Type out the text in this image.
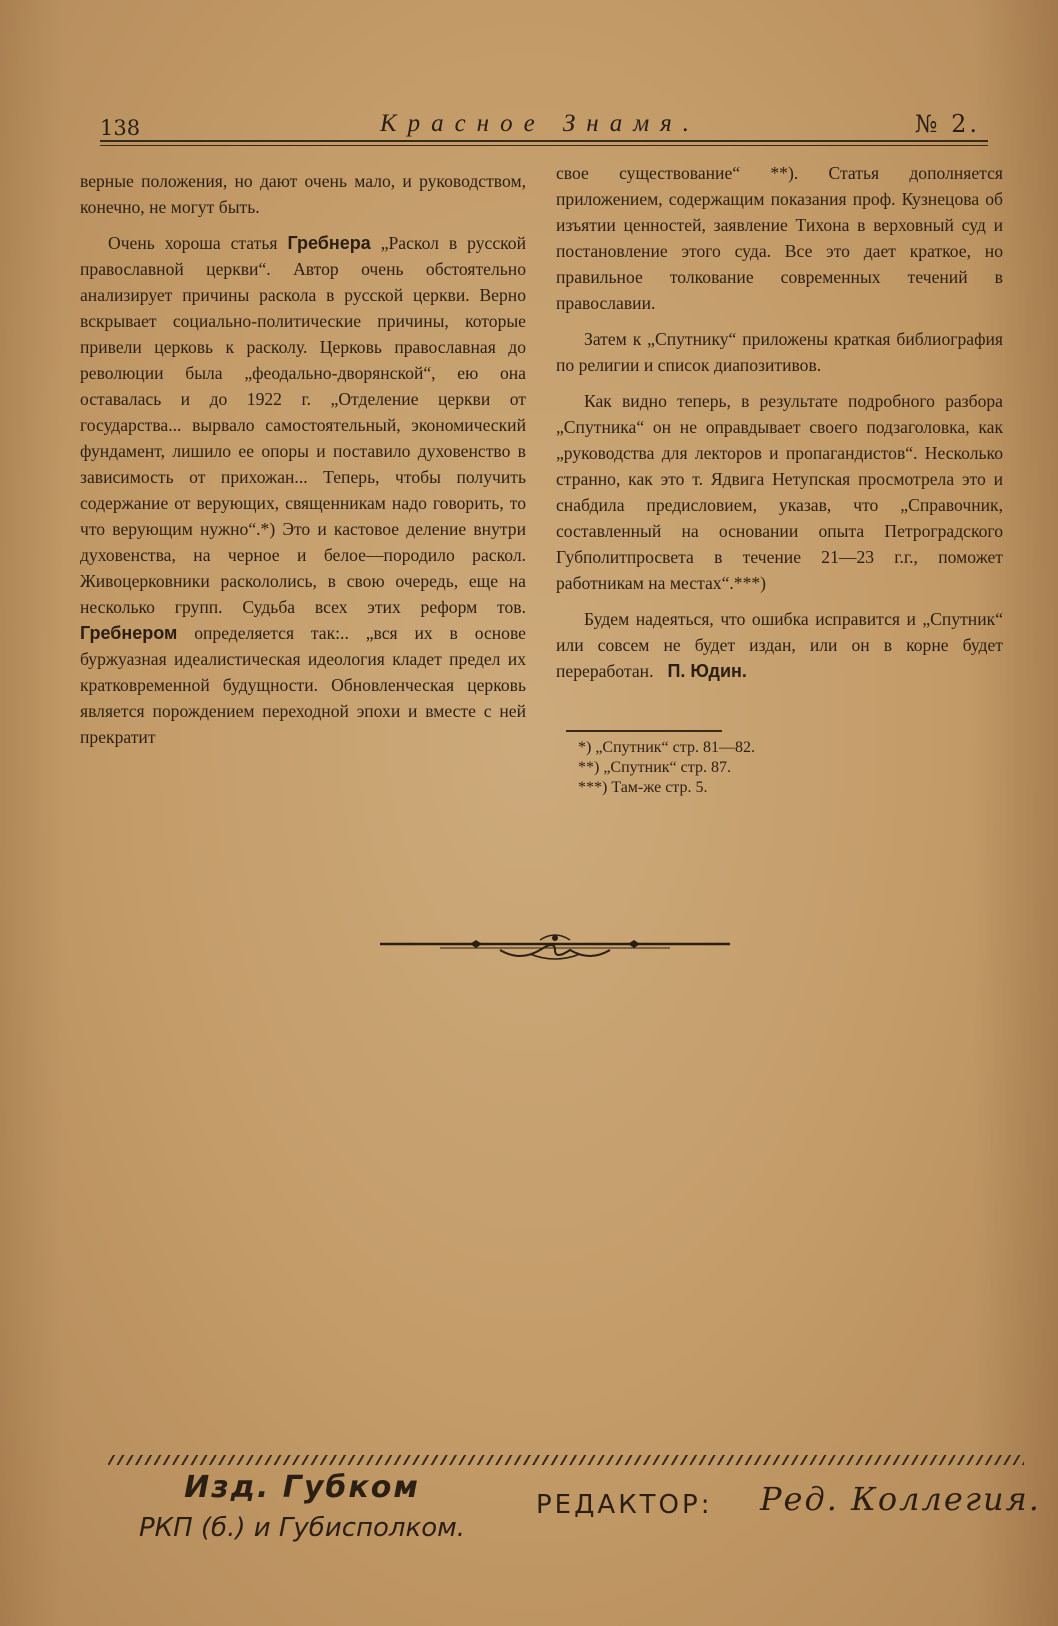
138	Красное Знамя.	№ 2.

верные положения, но дают очень мало, и руководством, конечно, не могут быть.

Очень хороша статья Гребнера „Раскол в русской православной церкви“. Автор очень обстоятельно анализирует причины раскола в русской церкви. Верно вскрывает социально-политические причины, которые привели церковь к расколу. Церковь православная до революции была „феодально-дворянской“, ею она оставалась и до 1922 г. „Отделение церкви от государства... вырвало самостоятельный, экономический фундамент, лишило ее опоры и поставило духовенство в зависимость от прихожан... Теперь, чтобы получить содержание от верующих, священникам надо говорить, то что верующим нужно“.*) Это и кастовое деление внутри духовенства, на черное и белое—породило раскол. Живоцерковники раскололись, в свою очередь, еще на несколько групп. Судьба всех этих реформ тов. Гребнером определяется так:.. „вся их в основе буржуазная идеалистическая идеология кладет предел их кратковременной будущности. Обновленческая церковь является порождением переходной эпохи и вместе с ней прекратит

свое существование“ **). Статья дополняется приложением, содержащим показания проф. Кузнецова об изъятии ценностей, заявление Тихона в верховный суд и постановление этого суда. Все это дает краткое, но правильное толкование современных течений в православии.

Затем к „Спутнику“ приложены краткая библиография по религии и список диапозитивов.

Как видно теперь, в результате подробного разбора „Спутника“ он не оправдывает своего подзаголовка, как „руководства для лекторов и пропагандистов“. Несколько странно, как это т. Ядвига Нетупская просмотрела это и снабдила предисловием, указав, что „Справочник, составленный на основании опыта Петроградского Губполитпросвета в течение 21—23 г.г., поможет работникам на местах“.***)

Будем надеяться, что ошибка исправится и „Спутник“ или совсем не будет издан, или он в корне будет переработан. П. Юдин.

*) „Спутник“ стр. 81—82.

**) „Спутник“ стр. 87.

***) Там-же стр. 5.

Изд. Губком
РКП (б.) и Губисполком.
РЕДАКТОР: Ред. Коллегия.
